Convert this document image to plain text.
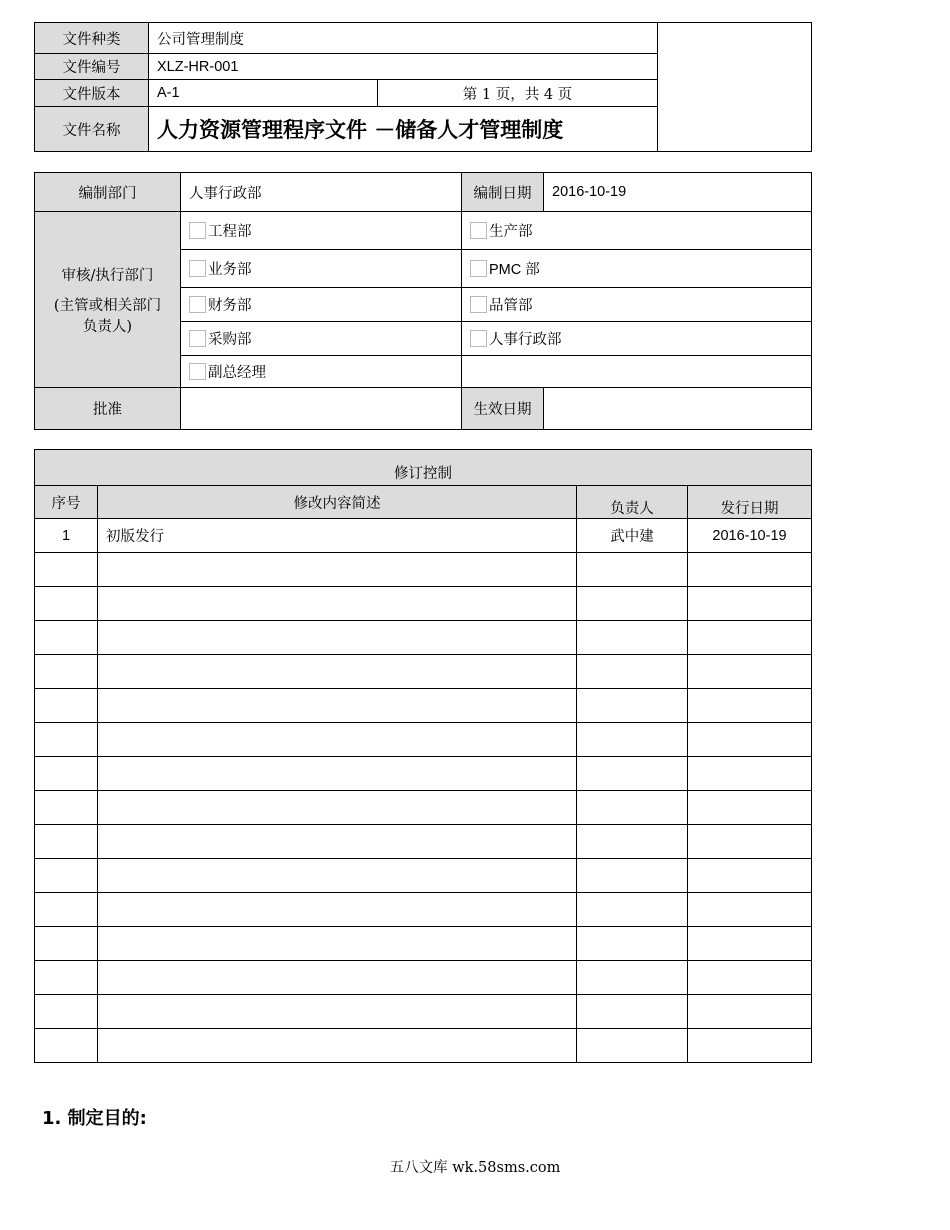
文件种类	公司管理制度		
文件编号	XLZ-HR-001		
文件版本	A-1	第 1 页，共 4 页	
文件名称	人力资源管理程序文件 －储备人才管理制度		
编制部门	人事行政部	编制日期	2016-10-19

审核/执行部门
(主管或相关部门
负责人)	工程部	生产部	
	业务部	PMC 部	
	财务部	品管部	
	采购部	人事行政部	
	副总经理		
批准		生效日期	
修订控制			
序号	修改内容简述	负责人	发行日期
1	初版发行	武中建	2016-10-19

1. 制定目的:
五八文库 wk.58sms.com
